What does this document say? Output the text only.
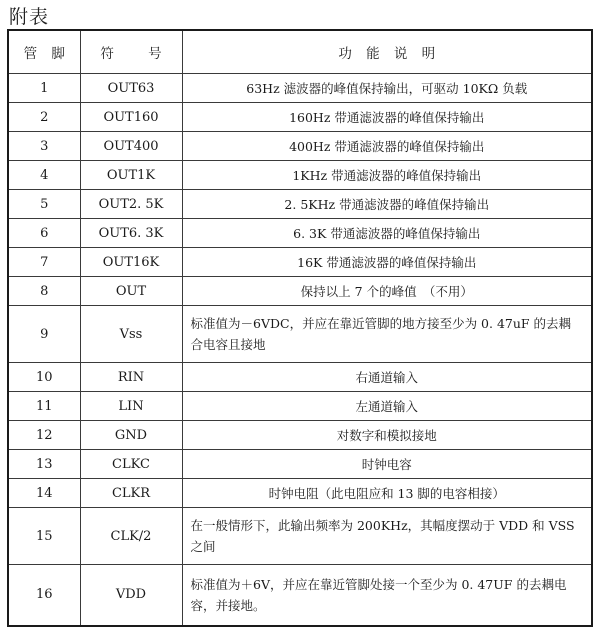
附表
管 脚	符 号	功 能 说 明
1	OUT63	63Hz 滤波器的峰值保持输出，可驱动 10KΩ 负载
2	OUT160	160Hz 带通滤波器的峰值保持输出
3	OUT400	400Hz 带通滤波器的峰值保持输出
4	OUT1K	1KHz 带通滤波器的峰值保持输出
5	OUT2. 5K	2. 5KHz 带通滤波器的峰值保持输出
6	OUT6. 3K	6. 3K 带通滤波器的峰值保持输出
7	OUT16K	16K 带通滤波器的峰值保持输出
8	OUT	保持以上 7 个的峰值　（不用）
9	Vss	标准值为－6VDC，并应在靠近管脚的地方接至少为 0. 47uF 的去耦合电容且接地
10	RIN	右通道输入
11	LIN	左通道输入
12	GND	对数字和模拟接地
13	CLKC	时钟电容
14	CLKR	时钟电阻（此电阻应和 13 脚的电容相接）
15	CLK/2	在一般情形下，此输出频率为 200KHz，其幅度摆动于 VDD 和 VSS 之间
16	VDD	标准值为＋6V，并应在靠近管脚处接一个至少为 0. 47UF 的去耦电容，并接地。
